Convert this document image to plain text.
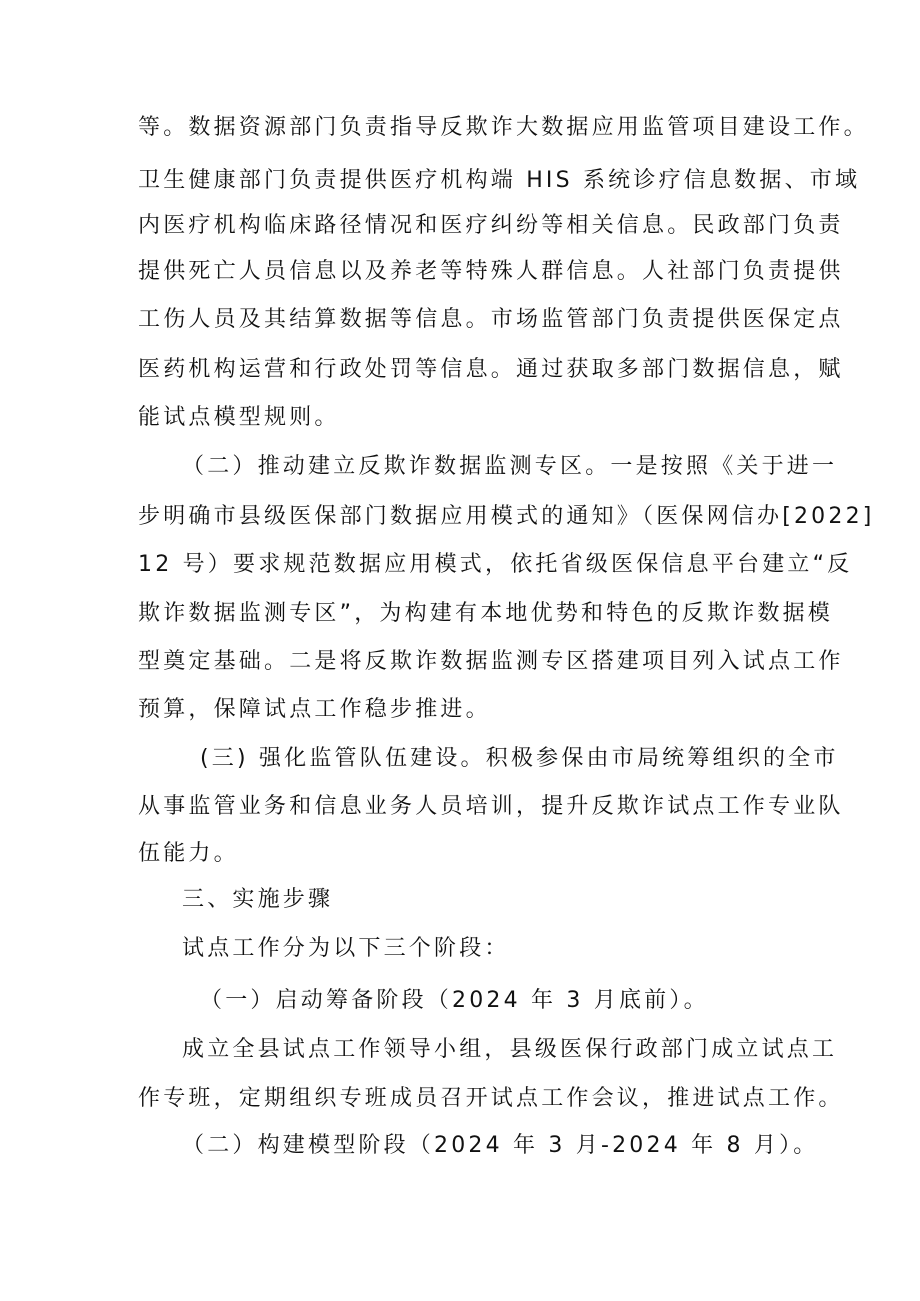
等。数据资源部门负责指导反欺诈大数据应用监管项目建设工作。
卫生健康部门负责提供医疗机构端 HIS 系统诊疗信息数据、市域
内医疗机构临床路径情况和医疗纠纷等相关信息。民政部门负责
提供死亡人员信息以及养老等特殊人群信息。人社部门负责提供
工伤人员及其结算数据等信息。市场监管部门负责提供医保定点
医药机构运营和行政处罚等信息。通过获取多部门数据信息，赋
能试点模型规则。
（二）推动建立反欺诈数据监测专区。一是按照《关于进一
步明确市县级医保部门数据应用模式的通知》（医保网信办[2022]
12 号）要求规范数据应用模式，依托省级医保信息平台建立“反
欺诈数据监测专区”，为构建有本地优势和特色的反欺诈数据模
型奠定基础。二是将反欺诈数据监测专区搭建项目列入试点工作
预算，保障试点工作稳步推进。
(三) 强化监管队伍建设。积极参保由市局统筹组织的全市
从事监管业务和信息业务人员培训，提升反欺诈试点工作专业队
伍能力。
三、实施步骤
试点工作分为以下三个阶段：
（一）启动筹备阶段（2024 年 3 月底前）。
成立全县试点工作领导小组，县级医保行政部门成立试点工
作专班，定期组织专班成员召开试点工作会议，推进试点工作。
（二）构建模型阶段（2024 年 3 月-2024 年 8 月）。
